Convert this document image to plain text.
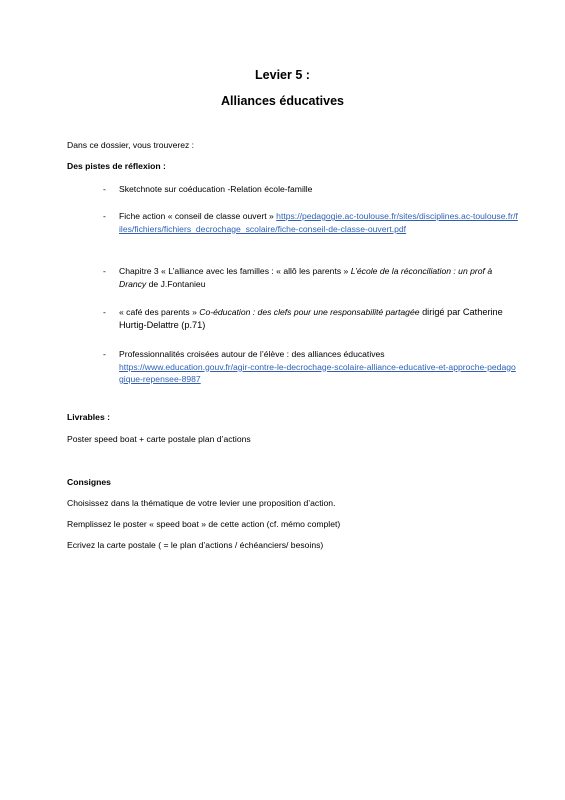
Levier 5 :
Alliances éducatives
Dans ce dossier, vous trouverez :
Des pistes de réflexion :
- Sketchnote sur coéducation -Relation école-famille
- Fiche action « conseil de classe ouvert » https://pedagogie.ac-toulouse.fr/sites/disciplines.ac-toulouse.fr/files/fichiers/fichiers_decrochage_scolaire/fiche-conseil-de-classe-ouvert.pdf
- Chapitre 3 « L’alliance avec les familles : « allô les parents » L’école de la réconciliation : un prof à Drancy de J.Fontanieu
- « café des parents » Co-éducation : des clefs pour une responsabilité partagée dirigé par Catherine Hurtig-Delattre (p.71)
- Professionnalités croisées autour de l’élève : des alliances éducatives
https://www.education.gouv.fr/agir-contre-le-decrochage-scolaire-alliance-educative-et-approche-pedagogique-repensee-8987
Livrables :
Poster speed boat + carte postale plan d’actions
Consignes
Choisissez dans la thématique de votre levier une proposition d’action.
Remplissez le poster « speed boat » de cette action (cf. mémo complet)
Ecrivez la carte postale ( = le plan d’actions / échéanciers/ besoins)
